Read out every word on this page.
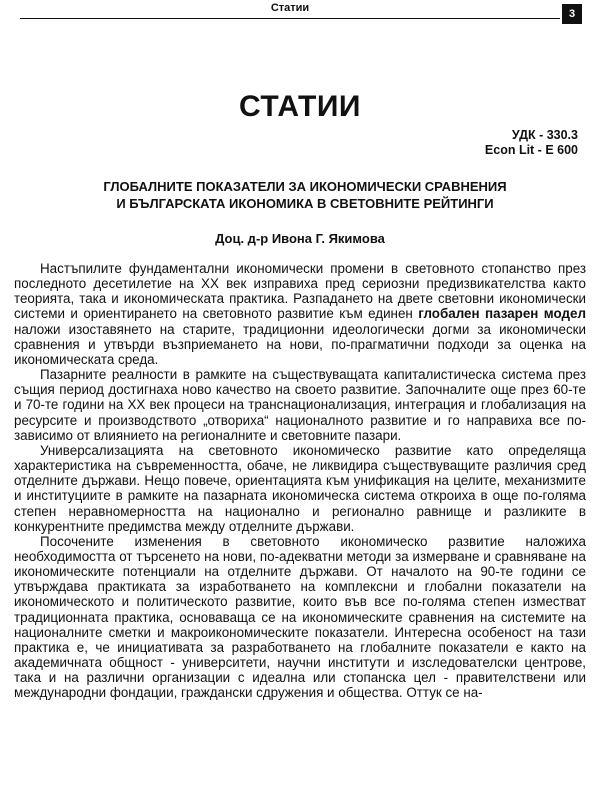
Статии	3
СТАТИИ
УДК - 330.3
Econ Lit - E 600
ГЛОБАЛНИТЕ ПОКАЗАТЕЛИ ЗА ИКОНОМИЧЕСКИ СРАВНЕНИЯ
И БЪЛГАРСКАТА ИКОНОМИКА В СВЕТОВНИТЕ РЕЙТИНГИ
Доц. д-р Ивона Г. Якимова

Настъпилите фундаментални икономически промени в световното стопанство през последното десетилетие на XX век изправиха пред сериозни предизвикателства както теорията, така и икономическата практика. Разпадането на двете световни икономически системи и ориентирането на световното развитие към единен глобален пазарен модел наложи изоставянето на старите, традиционни идеологически догми за икономически сравнения и утвърди възприемането на нови, по-прагматични подходи за оценка на икономическата среда.

Пазарните реалности в рамките на съществуващата капиталистическа система през същия период достигнаха ново качество на своето развитие. Започналите още през 60-те и 70-те години на XX век процеси на транснационализация, интеграция и глобализация на ресурсите и производството „отвориха“ националното развитие и го направиха все по-зависимо от влиянието на регионалните и световните пазари.

Универсализацията на световното икономическо развитие като определяща характеристика на съвременността, обаче, не ликвидира съществуващите различия сред отделните държави. Нещо повече, ориентацията към унификация на целите, механизмите и институциите в рамките на пазарната икономическа система откроиха в още по-голяма степен неравномерността на национално и регионално равнище и разликите в конкурентните предимства между отделните държави.

Посочените изменения в световното икономическо развитие наложиха необходимостта от търсенето на нови, по-адекватни методи за измерване и сравняване на икономическите потенциали на отделните държави. От началото на 90-те години се утвърждава практиката за изработването на комплексни и глобални показатели на икономическото и политическото развитие, които във все по-голяма степен изместват традиционната практика, основаваща се на икономическите сравнения на системите на националните сметки и макроикономическите показатели. Интересна особеност на тази практика е, че инициативата за разработването на глобалните показатели е както на академичната общност - университети, научни институти и изследователски центрове, така и на различни организации с идеална или стопанска цел - правителствени или международни фондации, граждански сдружения и общества. Оттук се на-
